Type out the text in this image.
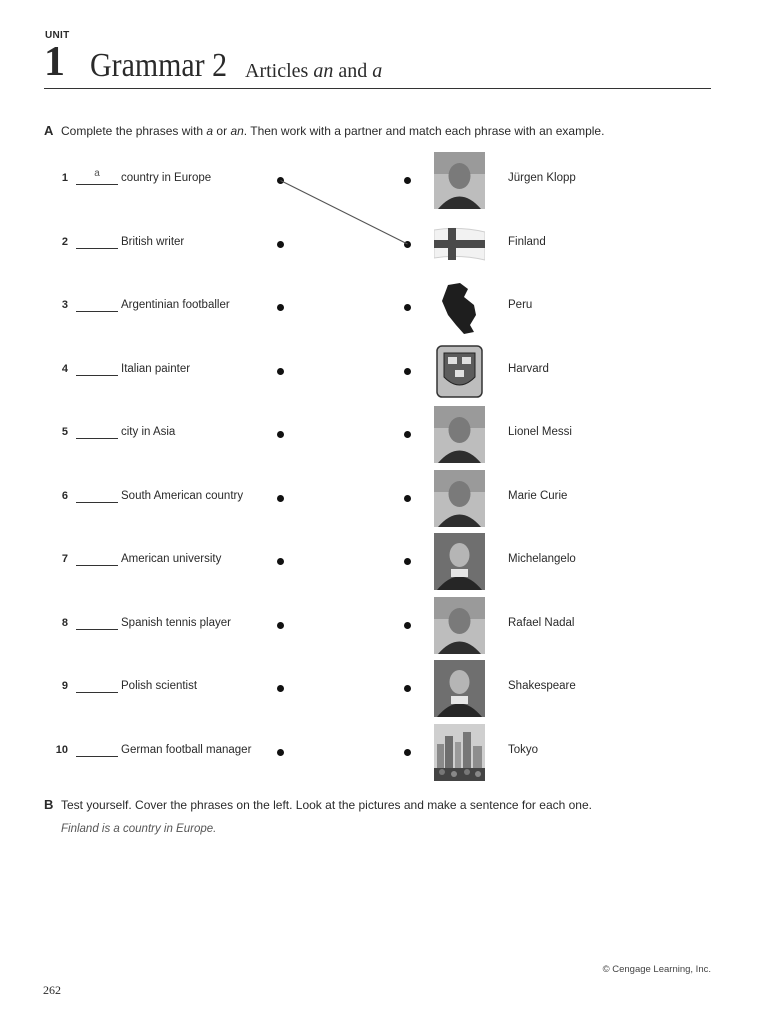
UNIT
1 Grammar 2 Articles an and a
A Complete the phrases with a or an. Then work with a partner and match each phrase with an example.
1	a	country in Europe	Jürgen Klopp
2	British writer	Finland
3	Argentinian footballer	Peru
4	Italian painter	Harvard
5	city in Asia	Lionel Messi
6	South American country	Marie Curie
7	American university	Michelangelo
8	Spanish tennis player	Rafael Nadal
9	Polish scientist	Shakespeare
10	German football manager	Tokyo
B Test yourself. Cover the phrases on the left. Look at the pictures and make a sentence for each one.
Finland is a country in Europe.
© Cengage Learning, Inc.
262
